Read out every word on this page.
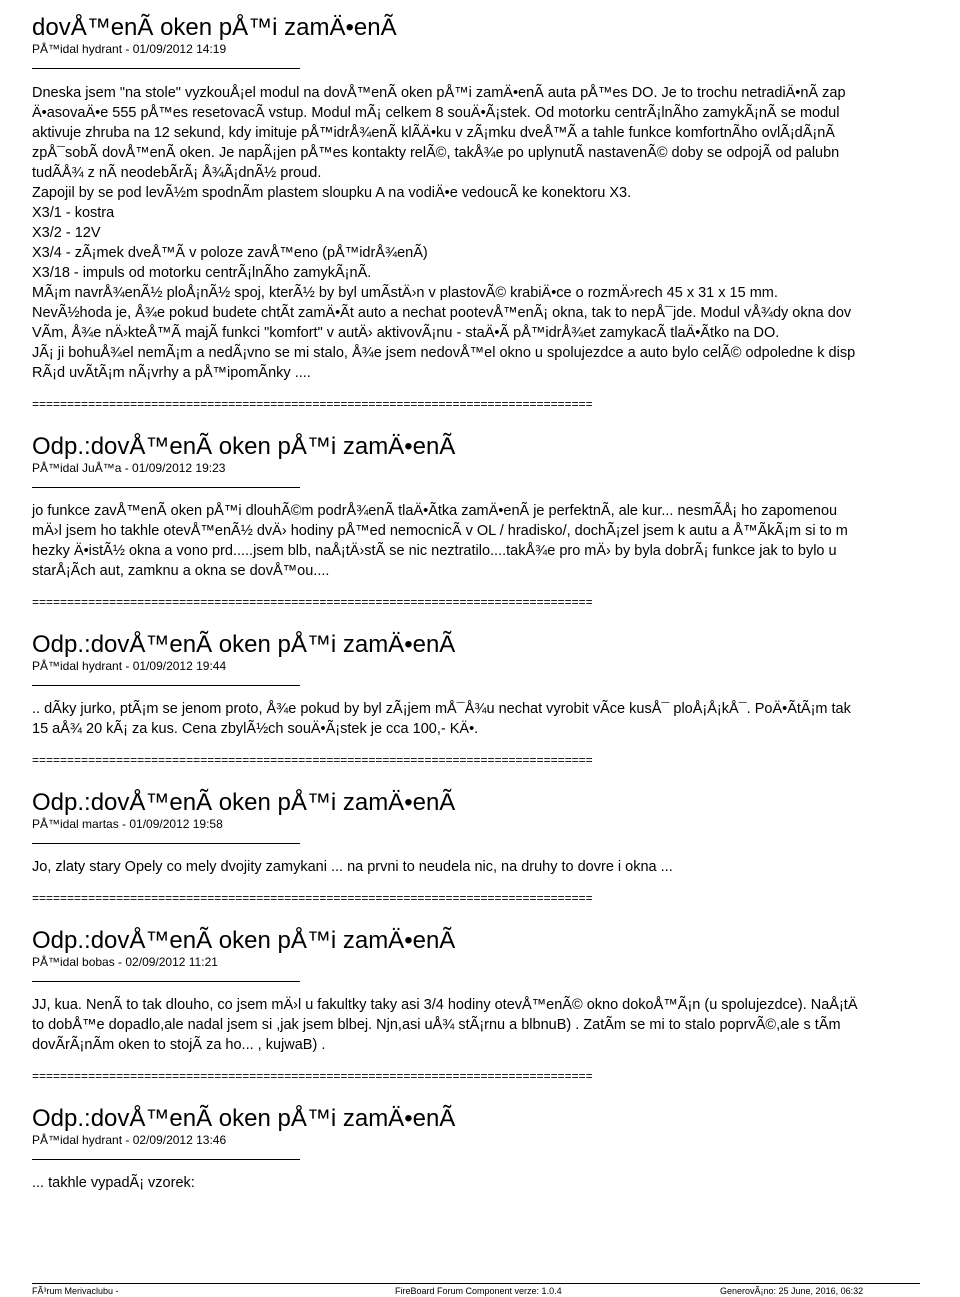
dovÅ™enÃ oken pÅ™i zamÄ•enÃ
PÅ™idal hydrant - 01/09/2012 14:19
Dneska jsem "na stole" vyzkouÅ¡el modul na dovÅ™enÃ oken pÅ™i zamÄ•enÃ auta pÅ™es DO. Je to trochu netradiÄ•nÃ zap
Ä•asovaÄ•e 555 pÅ™es resetovacÃ vstup. Modul mÃ¡ celkem 8 souÄ•Ã¡stek. Od motorku centrÃ¡lnÃho zamykÃ¡nÃ se modul
aktivuje zhruba na 12 sekund, kdy imituje pÅ™idrÅ¾enÃ klÃÄ•ku v zÃ¡mku dveÅ™Ã a tahle funkce komfortnÃho ovlÃ¡dÃ¡nÃ
zpÅ¯sobÃ dovÅ™enÃ oken. Je napÃ¡jen pÅ™es kontakty relÃ©, takÅ¾e po uplynutÃ nastavenÃ© doby se odpojÃ od palubn
tudÃÅ¾ z nÃ neodebÃrÃ¡ Å¾Ã¡dnÃ½ proud.
Zapojil by se pod levÃ½m spodnÃm plastem sloupku A na vodiÄ•e vedoucÃ ke konektoru X3.
X3/1 - kostra
X3/2 - 12V
X3/4 - zÃ¡mek dveÅ™Ã v poloze zavÅ™eno (pÅ™idrÅ¾enÃ)
X3/18 - impuls od motorku centrÃ¡lnÃho zamykÃ¡nÃ.
MÃ¡m navrÅ¾enÃ½ ploÅ¡nÃ½ spoj, kterÃ½ by byl umÃstÄ›n v plastovÃ© krabiÄ•ce o rozmÄ›rech 45 x 31 x 15 mm.
NevÃ½hoda je, Å¾e pokud budete chtÃt zamÄ•Ãt auto a nechat pootevÅ™enÃ¡ okna, tak to nepÅ¯jde. Modul vÅ¾dy okna dov
VÃm, Å¾e nÄ›kteÅ™Ã majÃ funkci "komfort" v autÄ› aktivovÃ¡nu - staÄ•Ã pÅ™idrÅ¾et zamykacÃ tlaÄ•Ãtko na DO.
JÃ¡ ji bohuÅ¾el nemÃ¡m a nedÃ¡vno se mi stalo, Å¾e jsem nedovÅ™el okno u spolujezdce a auto bylo celÃ© odpoledne k disp
RÃ¡d uvÃtÃ¡m nÃ¡vrhy a pÅ™ipomÃnky ....
================================================================================
Odp.:dovÅ™enÃ oken pÅ™i zamÄ•enÃ
PÅ™idal JuÅ™a - 01/09/2012 19:23
jo funkce zavÅ™enÃ oken pÅ™i dlouhÃ©m podrÅ¾enÃ tlaÄ•Ãtka zamÄ•enÃ je perfektnÃ, ale kur... nesmÃÅ¡ ho zapomenou
mÄ›l jsem ho takhle otevÅ™enÃ½ dvÄ› hodiny pÅ™ed nemocnicÃ v OL / hradisko/, dochÃ¡zel jsem k autu a Å™ÃkÃ¡m si to m
hezky Ä•istÃ½ okna a vono prd.....jsem blb, naÅ¡tÄ›stÃ se nic neztratilo....takÅ¾e pro mÄ› by byla dobrÃ¡ funkce jak to bylo u
starÅ¡Ãch aut, zamknu a okna se dovÅ™ou....
================================================================================
Odp.:dovÅ™enÃ oken pÅ™i zamÄ•enÃ
PÅ™idal hydrant - 01/09/2012 19:44
.. dÃky jurko, ptÃ¡m se jenom proto, Å¾e pokud by byl zÃ¡jem mÅ¯Å¾u nechat vyrobit vÃce kusÅ¯ ploÅ¡Å¡kÅ¯. PoÄ•ÃtÃ¡m tak
15 aÅ¾ 20 kÃ¡ za kus. Cena zbylÃ½ch souÄ•Ã¡stek je cca 100,- KÄ•.
================================================================================
Odp.:dovÅ™enÃ oken pÅ™i zamÄ•enÃ
PÅ™idal martas - 01/09/2012 19:58
Jo, zlaty stary Opely co mely dvojity zamykani ... na prvni to neudela nic, na druhy to dovre i okna ...
================================================================================
Odp.:dovÅ™enÃ oken pÅ™i zamÄ•enÃ
PÅ™idal bobas - 02/09/2012 11:21
JJ, kua. NenÃ to tak dlouho, co jsem mÄ›l u fakultky taky asi 3/4 hodiny otevÅ™enÃ© okno dokoÅ™Ã¡n (u spolujezdce). NaÅ¡tÄ
to dobÅ™e dopadlo,ale nadal jsem si ,jak jsem blbej. Njn,asi uÅ¾ stÃ¡rnu a blbnuB) . ZatÃm se mi to stalo poprvÃ©,ale s tÃm
dovÃrÃ¡nÃm oken to stojÃ za ho... , kujwaB) .
================================================================================
Odp.:dovÅ™enÃ oken pÅ™i zamÄ•enÃ
PÅ™idal hydrant - 02/09/2012 13:46
... takhle vypadÃ¡ vzorek:
FÃ³rum Merivaclubu -	FireBoard Forum Component verze: 1.0.4	GenerovÃ¡no: 25 June, 2016, 06:32
